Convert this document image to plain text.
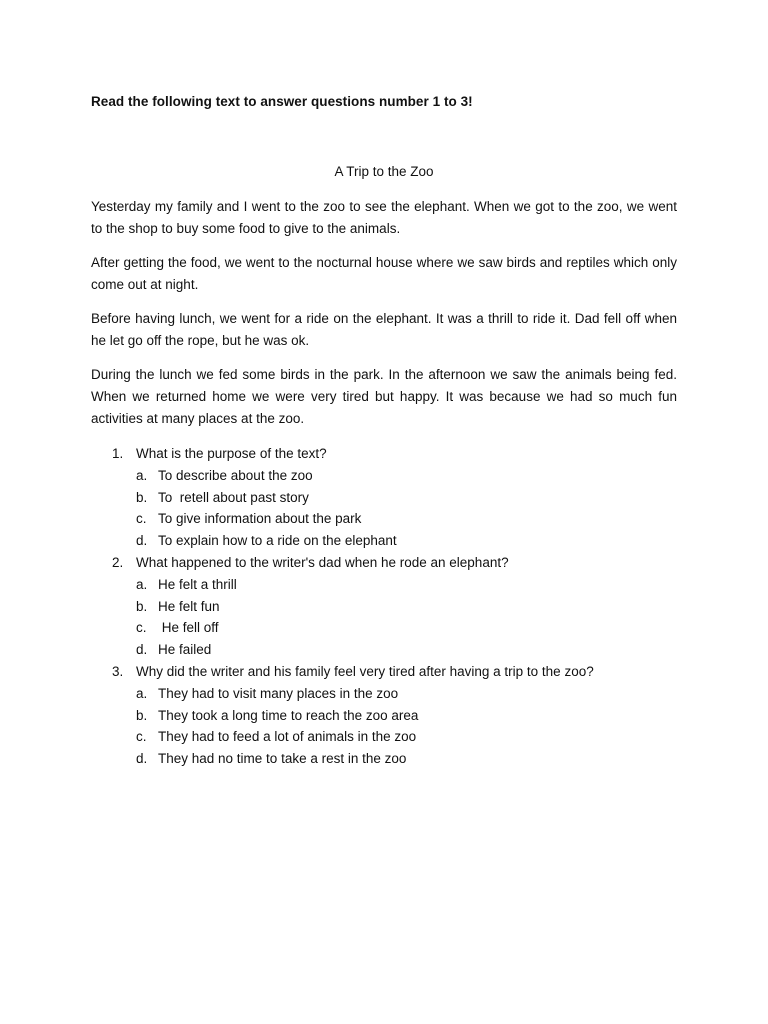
Read the following text to answer questions number 1 to 3!
A Trip to the Zoo

Yesterday my family and I went to the zoo to see the elephant. When we got to the zoo, we went to the shop to buy some food to give to the animals.

After getting the food, we went to the nocturnal house where we saw birds and reptiles which only come out at night.

Before having lunch, we went for a ride on the elephant. It was a thrill to ride it. Dad fell off when he let go off the rope, but he was ok.

During the lunch we fed some birds in the park. In the afternoon we saw the animals being fed. When we returned home we were very tired but happy. It was because we had so much fun activities at many places at the zoo.

1. What is the purpose of the text?
a. To describe about the zoo
b. To  retell about past story
c. To give information about the park
d. To explain how to a ride on the elephant
2. What happened to the writer's dad when he rode an elephant?
a. He felt a thrill
b. He felt fun
c. He fell off
d. He failed
3. Why did the writer and his family feel very tired after having a trip to the zoo?
a. They had to visit many places in the zoo
b. They took a long time to reach the zoo area
c. They had to feed a lot of animals in the zoo
d. They had no time to take a rest in the zoo
